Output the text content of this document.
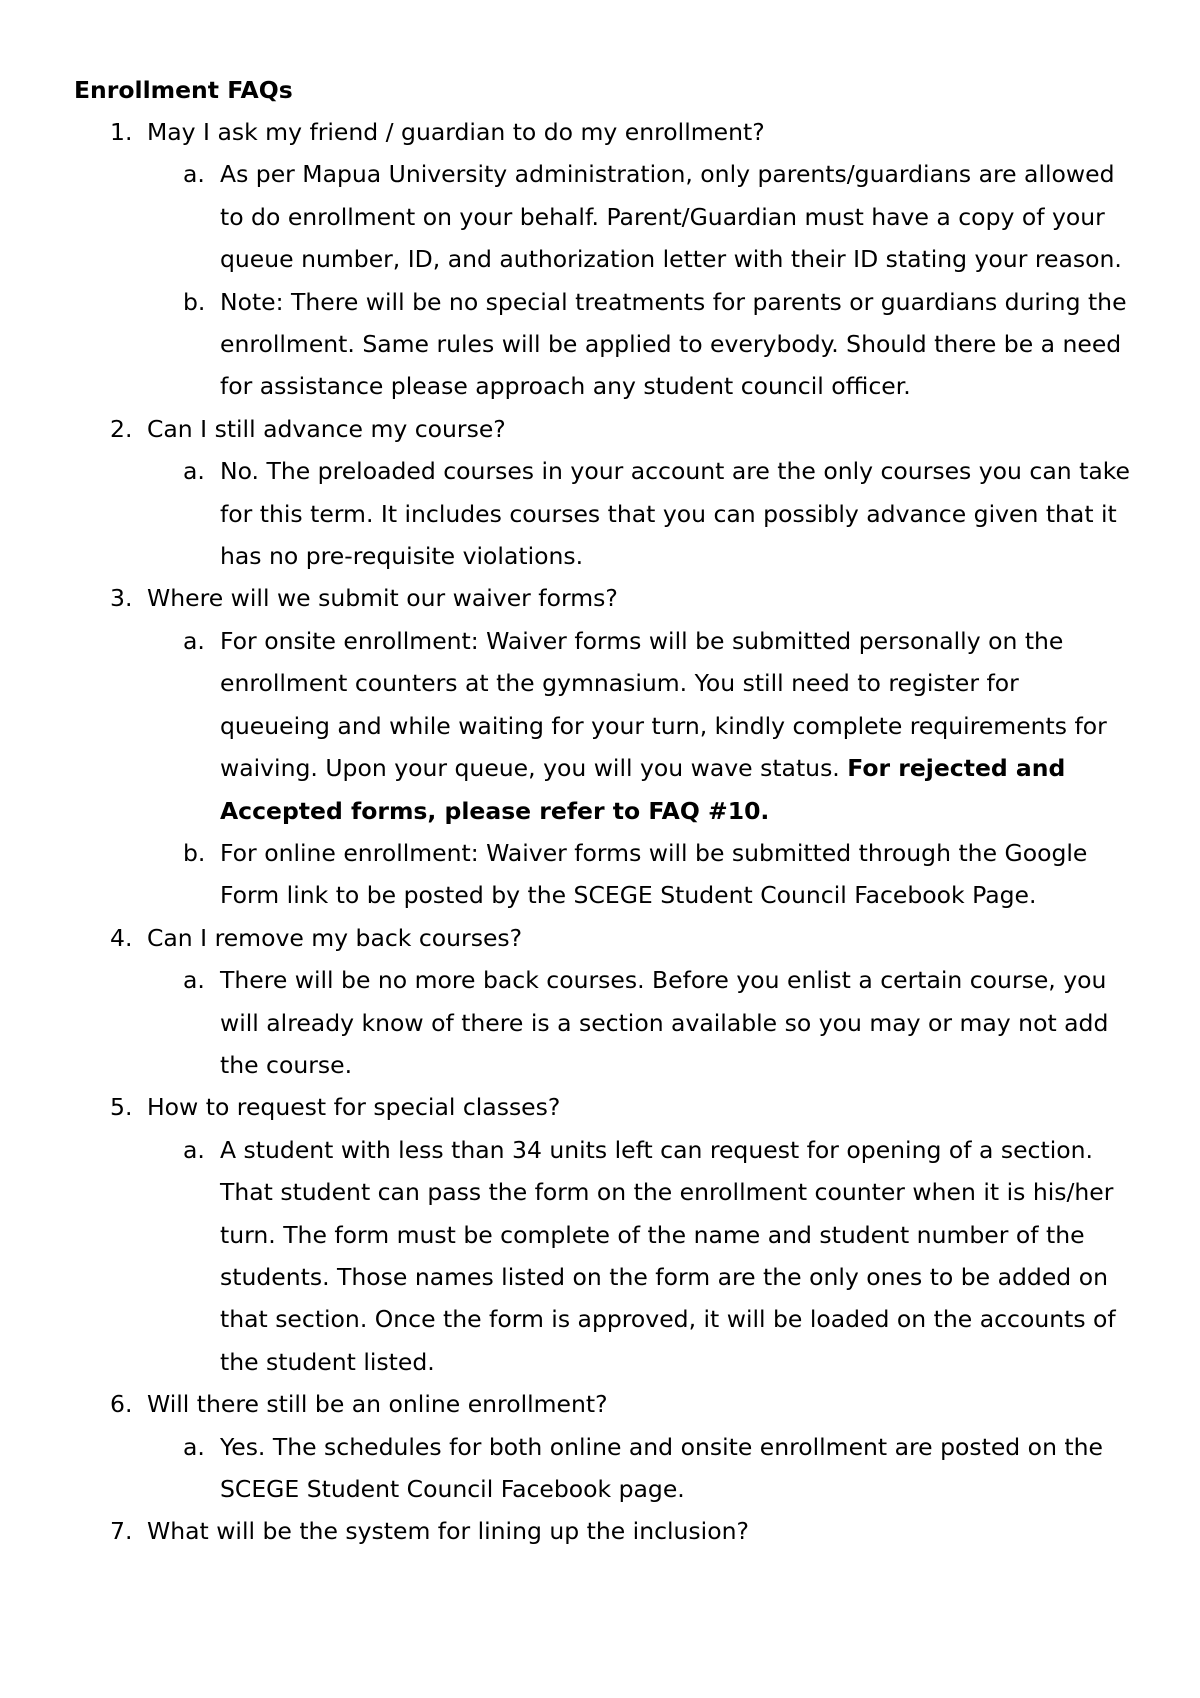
Enrollment FAQs
1. May I ask my friend / guardian to do my enrollment?
a. As per Mapua University administration, only parents/guardians are allowed to do enrollment on your behalf. Parent/Guardian must have a copy of your queue number, ID, and authorization letter with their ID stating your reason.
b. Note: There will be no special treatments for parents or guardians during the enrollment. Same rules will be applied to everybody. Should there be a need for assistance please approach any student council officer.
2. Can I still advance my course?
a. No. The preloaded courses in your account are the only courses you can take for this term. It includes courses that you can possibly advance given that it has no pre-requisite violations.
3. Where will we submit our waiver forms?
a. For onsite enrollment: Waiver forms will be submitted personally on the enrollment counters at the gymnasium. You still need to register for queueing and while waiting for your turn, kindly complete requirements for waiving. Upon your queue, you will you wave status. For rejected and Accepted forms, please refer to FAQ #10.
b. For online enrollment: Waiver forms will be submitted through the Google Form link to be posted by the SCEGE Student Council Facebook Page.
4. Can I remove my back courses?
a. There will be no more back courses. Before you enlist a certain course, you will already know of there is a section available so you may or may not add the course.
5. How to request for special classes?
a. A student with less than 34 units left can request for opening of a section. That student can pass the form on the enrollment counter when it is his/her turn. The form must be complete of the name and student number of the students. Those names listed on the form are the only ones to be added on that section. Once the form is approved, it will be loaded on the accounts of the student listed.
6. Will there still be an online enrollment?
a. Yes. The schedules for both online and onsite enrollment are posted on the SCEGE Student Council Facebook page.
7. What will be the system for lining up the inclusion?
